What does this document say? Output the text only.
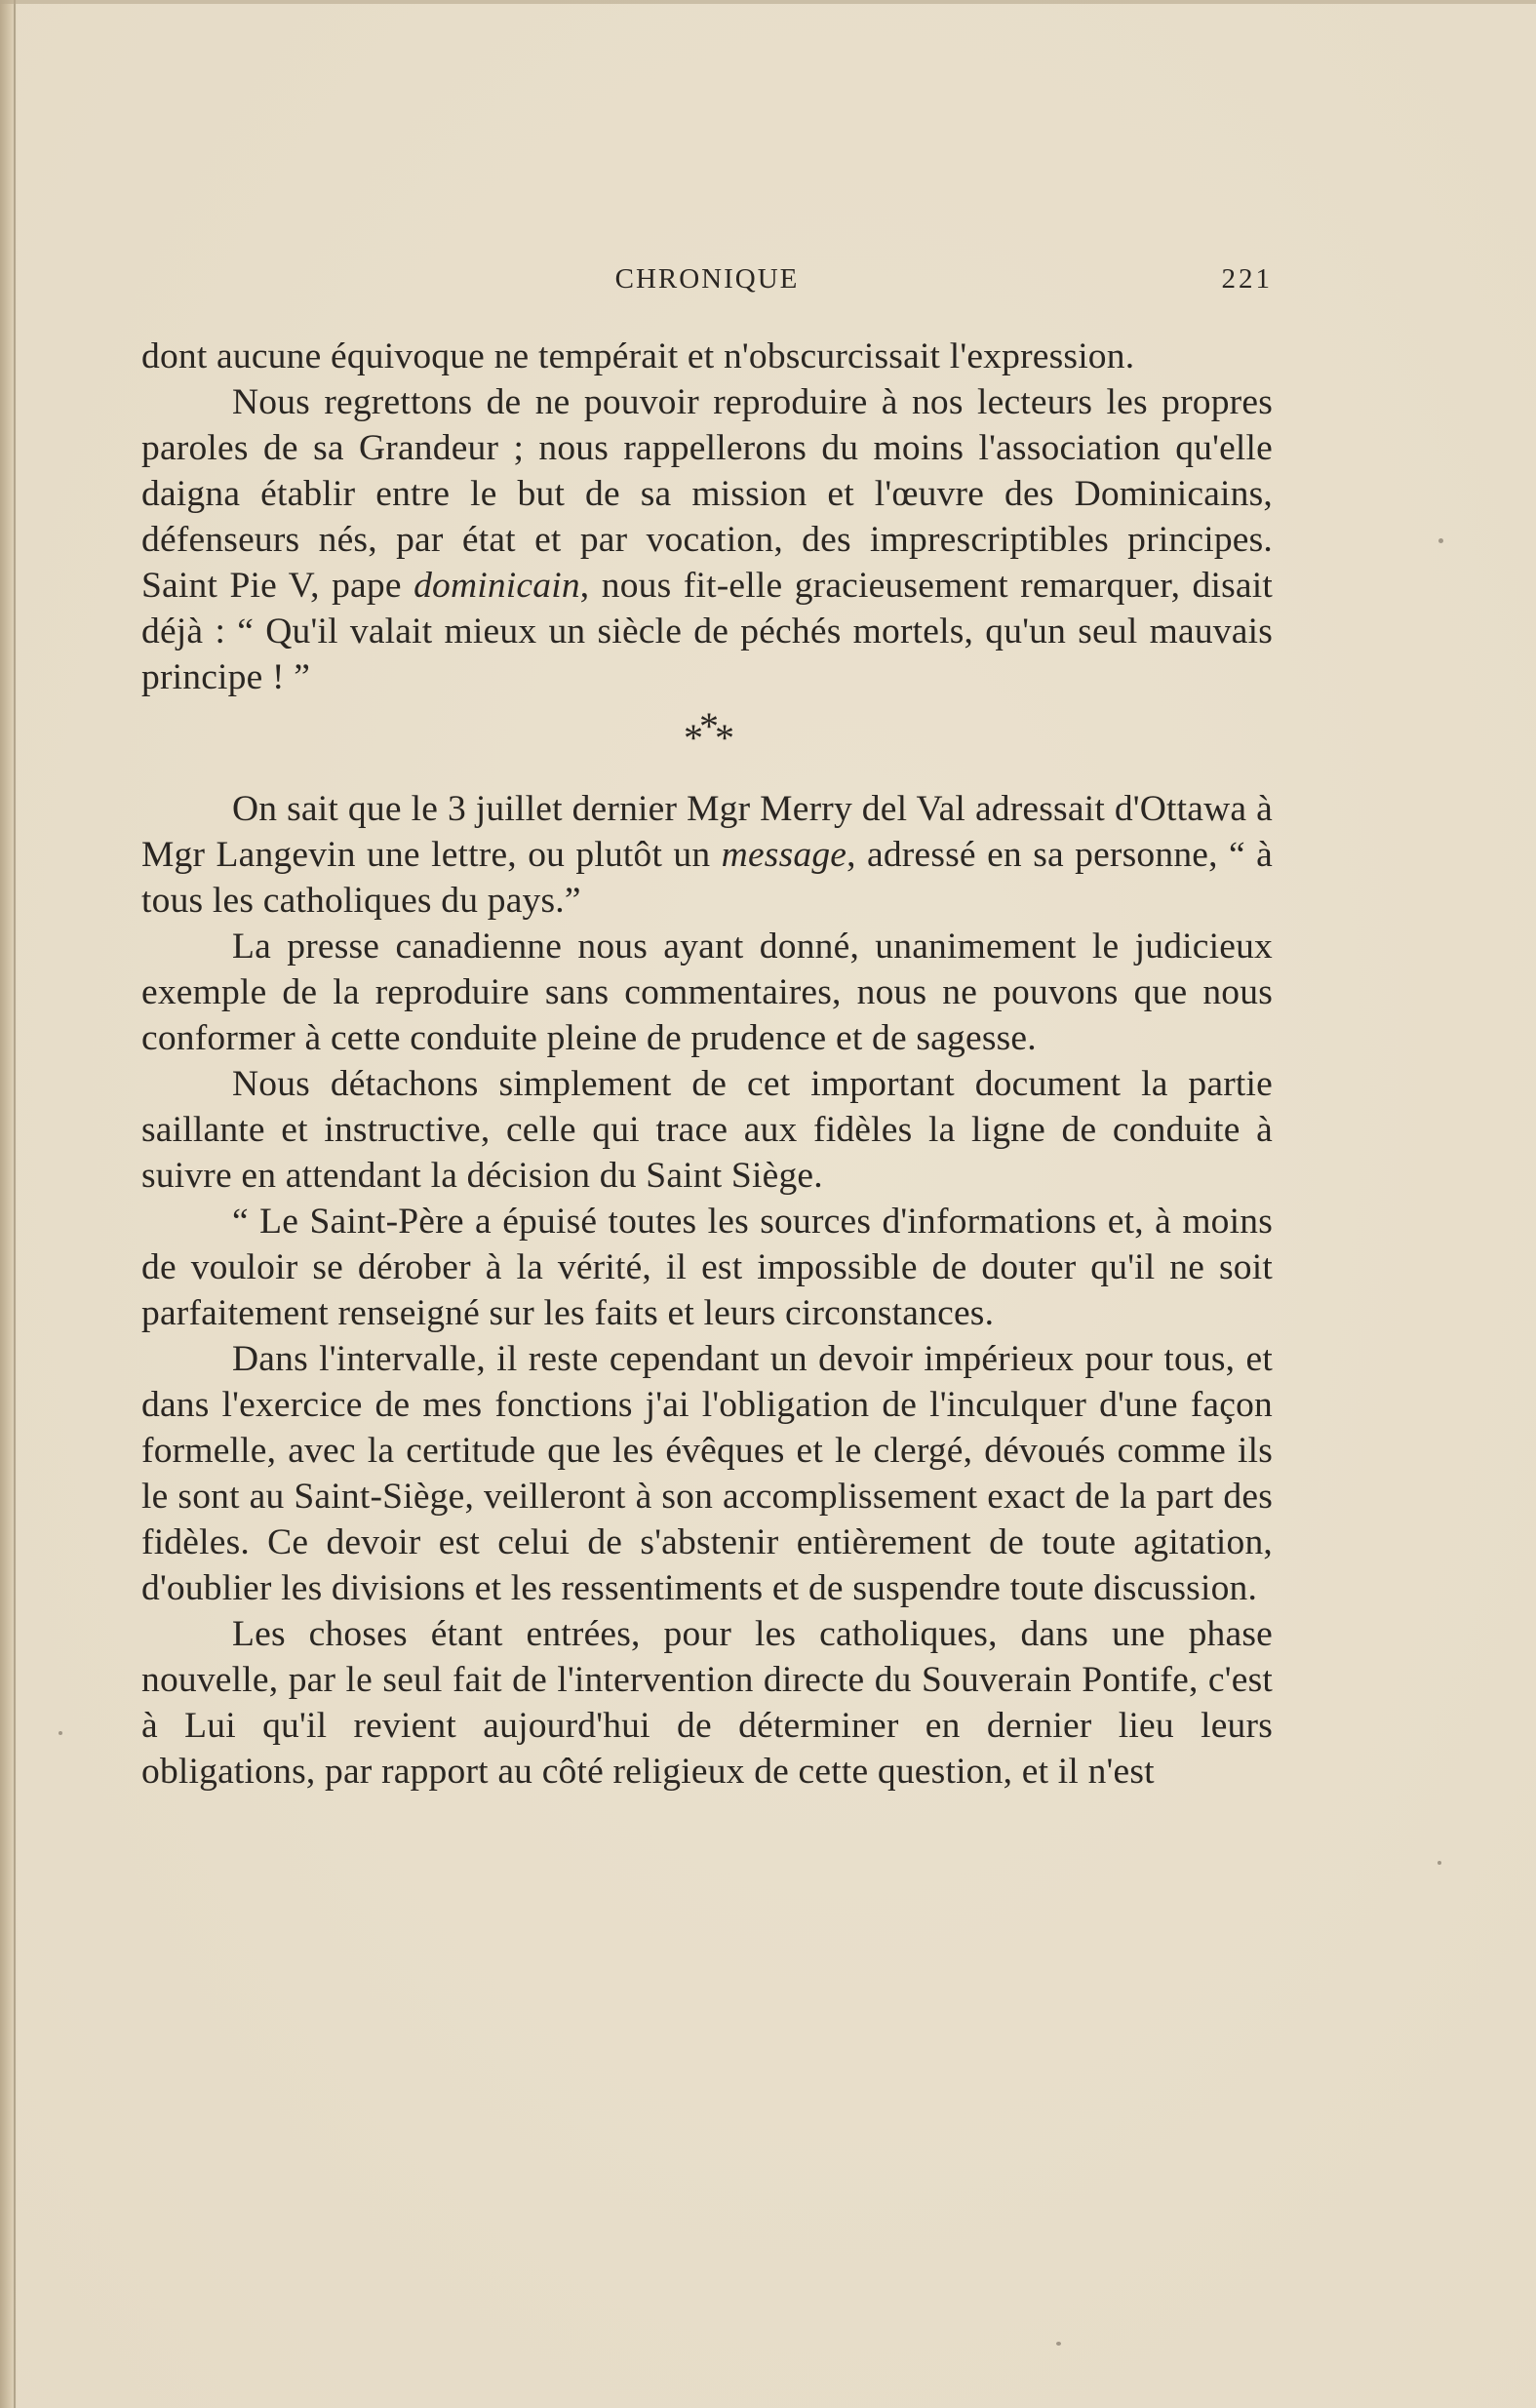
CHRONIQUE	221

dont aucune équivoque ne tempérait et n'obscurcissait l'expression.

Nous regrettons de ne pouvoir reproduire à nos lecteurs les propres paroles de sa Grandeur ; nous rappellerons du moins l'association qu'elle daigna établir entre le but de sa mission et l'œuvre des Dominicains, défenseurs nés, par état et par vocation, des imprescriptibles principes. Saint Pie V, pape dominicain, nous fit-elle gracieusement remarquer, disait déjà : “ Qu'il valait mieux un siècle de péchés mortels, qu'un seul mauvais principe ! ”

***

On sait que le 3 juillet dernier Mgr Merry del Val adressait d'Ottawa à Mgr Langevin une lettre, ou plutôt un message, adressé en sa personne, “ à tous les catholiques du pays.”

La presse canadienne nous ayant donné, unanimement le judicieux exemple de la reproduire sans commentaires, nous ne pouvons que nous conformer à cette conduite pleine de prudence et de sagesse.

Nous détachons simplement de cet important document la partie saillante et instructive, celle qui trace aux fidèles la ligne de conduite à suivre en attendant la décision du Saint Siège.

“ Le Saint-Père a épuisé toutes les sources d'informations et, à moins de vouloir se dérober à la vérité, il est impossible de douter qu'il ne soit parfaitement renseigné sur les faits et leurs circonstances.

Dans l'intervalle, il reste cependant un devoir impérieux pour tous, et dans l'exercice de mes fonctions j'ai l'obligation de l'inculquer d'une façon formelle, avec la certitude que les évêques et le clergé, dévoués comme ils le sont au Saint-Siège, veilleront à son accomplissement exact de la part des fidèles. Ce devoir est celui de s'abstenir entièrement de toute agitation, d'oublier les divisions et les ressentiments et de suspendre toute discussion.

Les choses étant entrées, pour les catholiques, dans une phase nouvelle, par le seul fait de l'intervention directe du Souverain Pontife, c'est à Lui qu'il revient aujourd'hui de déterminer en dernier lieu leurs obligations, par rapport au côté religieux de cette question, et il n'est
